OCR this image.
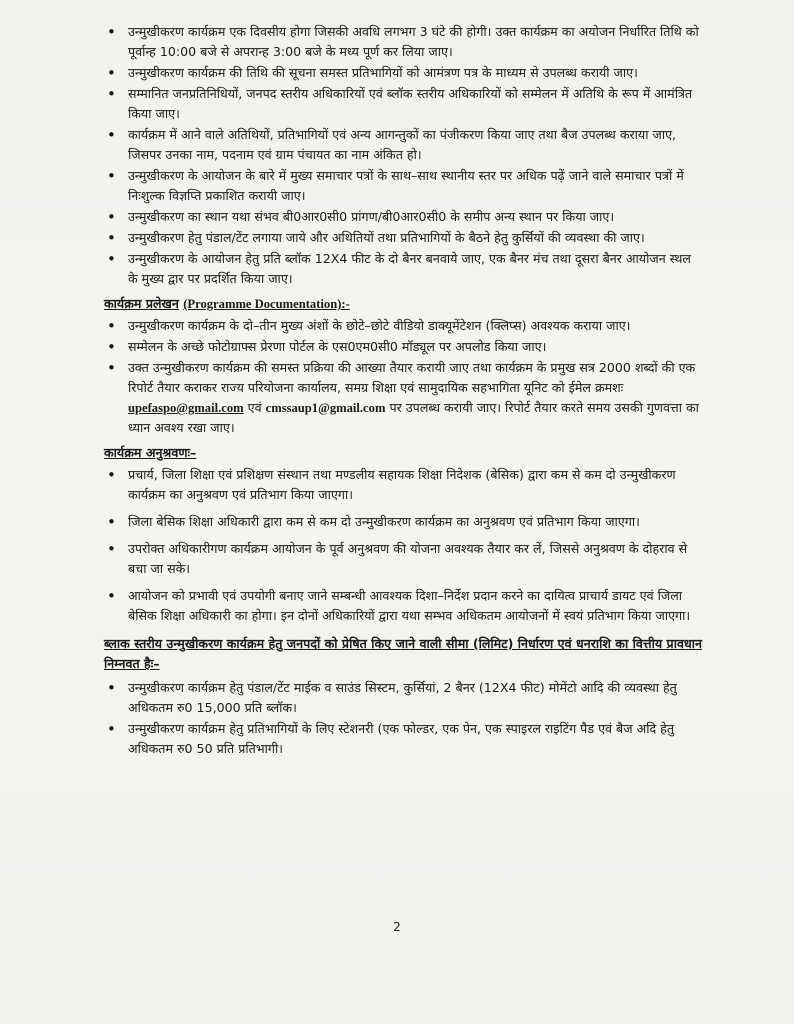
• उन्मुखीकरण कार्यक्रम एक दिवसीय होगा जिसकी अवधि लगभग 3 घंटे की होगी। उक्त कार्यक्रम का अयोजन निर्धारित तिथि को पूर्वान्ह 10:00 बजे से अपरान्ह 3:00 बजे के मध्य पूर्ण कर लिया जाए।
• उन्मुखीकरण कार्यक्रम की तिथि की सूचना समस्त प्रतिभागियों को आमंत्रण पत्र के माध्यम से उपलब्ध करायी जाए।
• सम्मानित जनप्रतिनिधियों, जनपद स्तरीय अधिकारियों एवं ब्लॉक स्तरीय अधिकारियों को सम्मेलन में अतिथि के रूप में आमंत्रित किया जाए।
• कार्यक्रम में आने वाले अतिथियों, प्रतिभागियों एवं अन्य आगन्तुकों का पंजीकरण किया जाए तथा बैज उपलब्ध कराया जाए, जिसपर उनका नाम, पदनाम एवं ग्राम पंचायत का नाम अंकित हो।
• उन्मुखीकरण के आयोजन के बारे में मुख्य समाचार पत्रों के साथ–साथ स्थानीय स्तर पर अधिक पढ़ें जाने वाले समाचार पत्रों में निःशुल्क विज्ञप्ति प्रकाशित करायी जाए।
• उन्मुखीकरण का स्थान यथा संभव बी0आर0सी0 प्रांगण/बी0आर0सी0 के समीप अन्य स्थान पर किया जाए।
• उन्मुखीकरण हेतु पंडाल/टेंट लगाया जाये और अथितियों तथा प्रतिभागियों के बैठने हेतु कुर्सियों की व्यवस्था की जाए।
• उन्मुखीकरण के आयोजन हेतु प्रति ब्लॉक 12X4 फीट के दो बैनर बनवाये जाए, एक बैनर मंच तथा दूसरा बैनर आयोजन स्थल के मुख्य द्वार पर प्रदर्शित किया जाए।
कार्यक्रम प्रलेखन (Programme Documentation):-
• उन्मुखीकरण कार्यक्रम के दो–तीन मुख्य अंशों के छोटे–छोटे वीडियो डाक्यूमेंटेशन (क्लिप्स) अवश्यक कराया जाए।
• सम्मेलन के अच्छे फोटोग्राफ्स प्रेरणा पोर्टल के एस0एम0सी0 मॉड्यूल पर अपलोड किया जाए।
• उक्त उन्मुखीकरण कार्यक्रम की समस्त प्रक्रिया की आख्या तैयार करायी जाए तथा कार्यक्रम के प्रमुख सत्र 2000 शब्दों की एक रिपोर्ट तैयार कराकर राज्य परियोजना कार्यालय, समग्र शिक्षा एवं सामुदायिक सहभागिता यूनिट को ईमेल क्रमशः upefaspo@gmail.com एवं cmssaup1@gmail.com पर उपलब्ध करायी जाए। रिपोर्ट तैयार करते समय उसकी गुणवत्ता का ध्यान अवश्य रखा जाए।
कार्यक्रम अनुश्रवणः–
• प्रचार्य, जिला शिक्षा एवं प्रशिक्षण संस्थान तथा मण्डलीय सहायक शिक्षा निदेशक (बेसिक) द्वारा कम से कम दो उन्मुखीकरण कार्यक्रम का अनुश्रवण एवं प्रतिभाग किया जाएगा।
• जिला बेसिक शिक्षा अधिकारी द्वारा कम से कम दो उन्मुखीकरण कार्यक्रम का अनुश्रवण एवं प्रतिभाग किया जाएगा।
• उपरोक्त अधिकारीगण कार्यक्रम आयोजन के पूर्व अनुश्रवण की योजना अवश्यक तैयार कर लें, जिससे अनुश्रवण के दोहराव से बचा जा सके।
• आयोजन को प्रभावी एवं उपयोगी बनाए जाने सम्बन्धी आवश्यक दिशा–निर्देश प्रदान करने का दायित्व प्राचार्य डायट एवं जिला बेसिक शिक्षा अधिकारी का होगा। इन दोनों अधिकारियों द्वारा यथा सम्भव अधिकतम आयोजनों में स्वयं प्रतिभाग किया जाएगा।
ब्लाक स्तरीय उन्मुखीकरण कार्यक्रम हेतु जनपदों को प्रेषित किए जाने वाली सीमा (लिमिट) निर्धारण एवं धनराशि का वित्तीय प्रावधान निम्नवत हैः–
• उन्मुखीकरण कार्यक्रम हेतु पंडाल/टेंट माईक व साउंड सिस्टम, कुर्सियां, 2 बैनर (12X4 फीट) मोमेंटो आदि की व्यवस्था हेतु अधिकतम रु0 15,000 प्रति ब्लॉक।
• उन्मुखीकरण कार्यक्रम हेतु प्रतिभागियों के लिए स्टेशनरी (एक फोल्डर, एक पेन, एक स्पाइरल राइटिंग पैड एवं बैज अदि हेतु अधिकतम रु0 50 प्रति प्रतिभागी।
2
